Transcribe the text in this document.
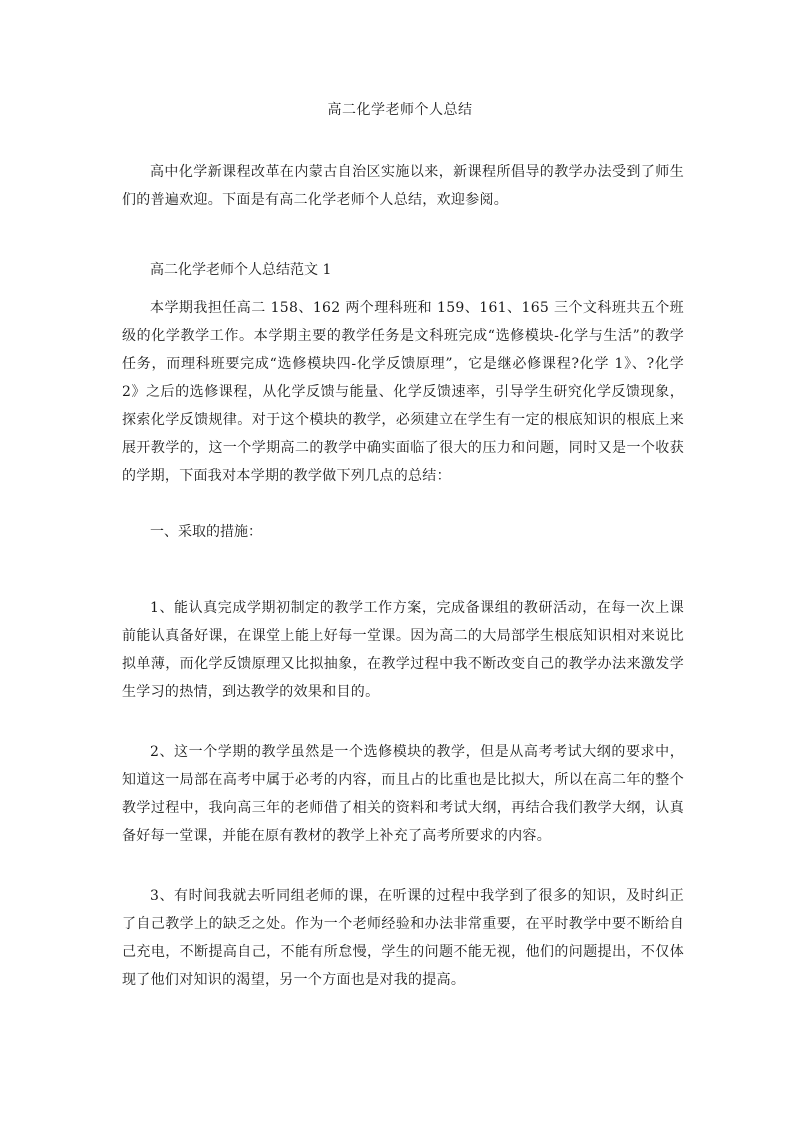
高二化学老师个人总结

高中化学新课程改革在内蒙古自治区实施以来，新课程所倡导的教学办法受到了师生们的普遍欢迎。下面是有高二化学老师个人总结，欢迎参阅。

高二化学老师个人总结范文 1

本学期我担任高二 158、162 两个理科班和 159、161、165 三个文科班共五个班级的化学教学工作。本学期主要的教学任务是文科班完成“选修模块-化学与生活”的教学任务，而理科班要完成“选修模块四-化学反馈原理”，它是继必修课程?化学 1》、?化学 2》之后的选修课程，从化学反馈与能量、化学反馈速率，引导学生研究化学反馈现象，探索化学反馈规律。对于这个模块的教学，必须建立在学生有一定的根底知识的根底上来展开教学的，这一个学期高二的教学中确实面临了很大的压力和问题，同时又是一个收获的学期，下面我对本学期的教学做下列几点的总结：

一、采取的措施：

1、能认真完成学期初制定的教学工作方案，完成备课组的教研活动，在每一次上课前能认真备好课，在课堂上能上好每一堂课。因为高二的大局部学生根底知识相对来说比拟单薄，而化学反馈原理又比拟抽象，在教学过程中我不断改变自己的教学办法来激发学生学习的热情，到达教学的效果和目的。

2、这一个学期的教学虽然是一个选修模块的教学，但是从高考考试大纲的要求中，知道这一局部在高考中属于必考的内容，而且占的比重也是比拟大，所以在高二年的整个教学过程中，我向高三年的老师借了相关的资料和考试大纲，再结合我们教学大纲，认真备好每一堂课，并能在原有教材的教学上补充了高考所要求的内容。

3、有时间我就去听同组老师的课，在听课的过程中我学到了很多的知识，及时纠正了自己教学上的缺乏之处。作为一个老师经验和办法非常重要，在平时教学中要不断给自己充电，不断提高自己，不能有所怠慢，学生的问题不能无视，他们的问题提出，不仅体现了他们对知识的渴望，另一个方面也是对我的提高。
